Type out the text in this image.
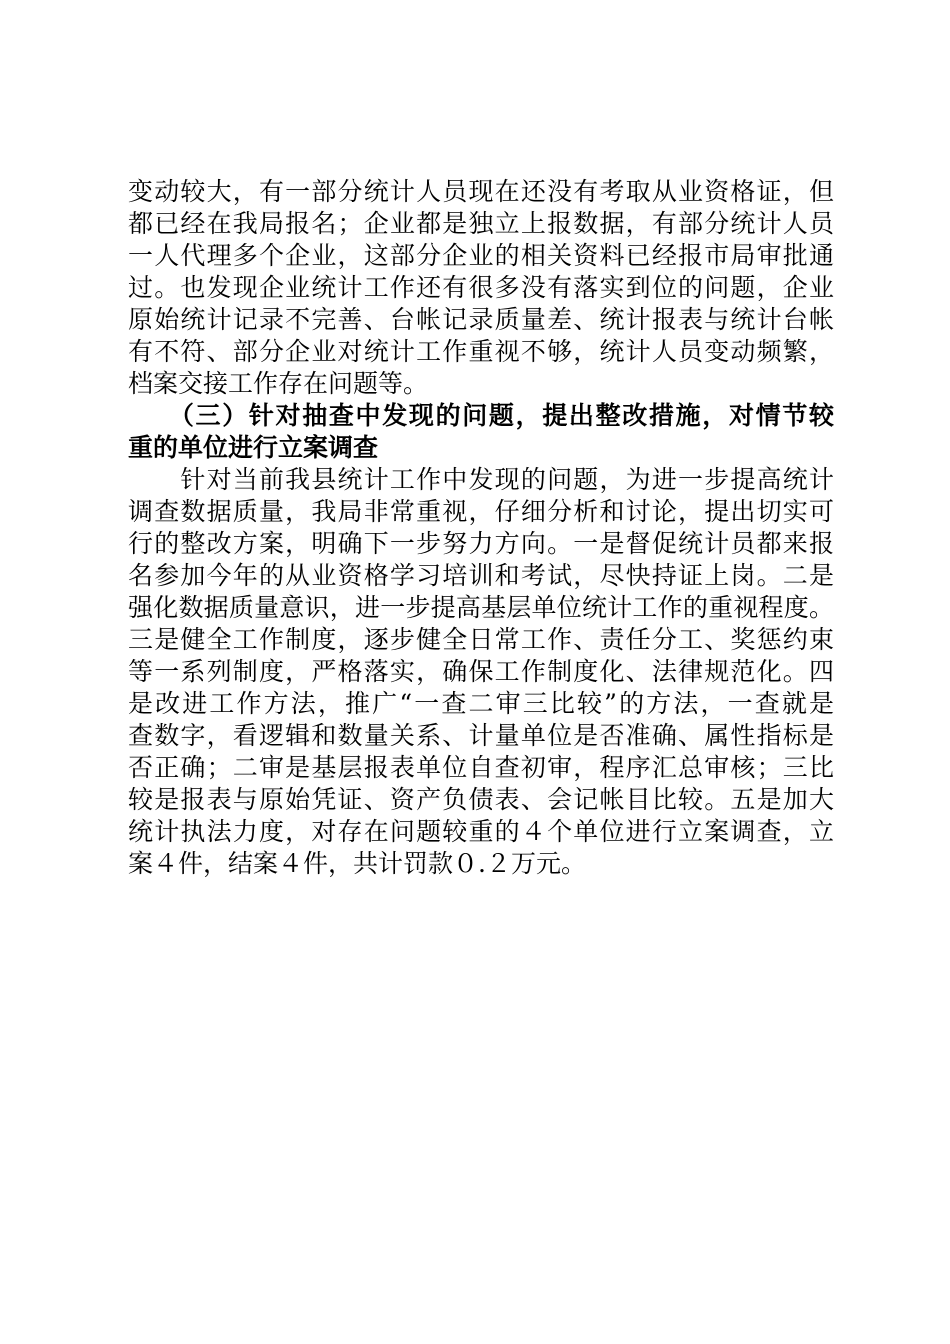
变动较大，有一部分统计人员现在还没有考取从业资格证，但
都已经在我局报名；企业都是独立上报数据，有部分统计人员
一人代理多个企业，这部分企业的相关资料已经报市局审批通
过。也发现企业统计工作还有很多没有落实到位的问题，企业
原始统计记录不完善、台帐记录质量差、统计报表与统计台帐
有不符、部分企业对统计工作重视不够，统计人员变动频繁，
档案交接工作存在问题等。
　　（三）针对抽查中发现的问题，提出整改措施，对情节较
重的单位进行立案调查
　　针对当前我县统计工作中发现的问题，为进一步提高统计
调查数据质量，我局非常重视，仔细分析和讨论，提出切实可
行的整改方案，明确下一步努力方向。一是督促统计员都来报
名参加今年的从业资格学习培训和考试，尽快持证上岗。二是
强化数据质量意识，进一步提高基层单位统计工作的重视程度。
三是健全工作制度，逐步健全日常工作、责任分工、奖惩约束
等一系列制度，严格落实，确保工作制度化、法律规范化。四
是改进工作方法，推广“一查二审三比较”的方法，一查就是
查数字，看逻辑和数量关系、计量单位是否准确、属性指标是
否正确；二审是基层报表单位自查初审，程序汇总审核；三比
较是报表与原始凭证、资产负债表、会记帐目比较。五是加大
统计执法力度，对存在问题较重的４个单位进行立案调查，立
案４件，结案４件，共计罚款０.２万元。
